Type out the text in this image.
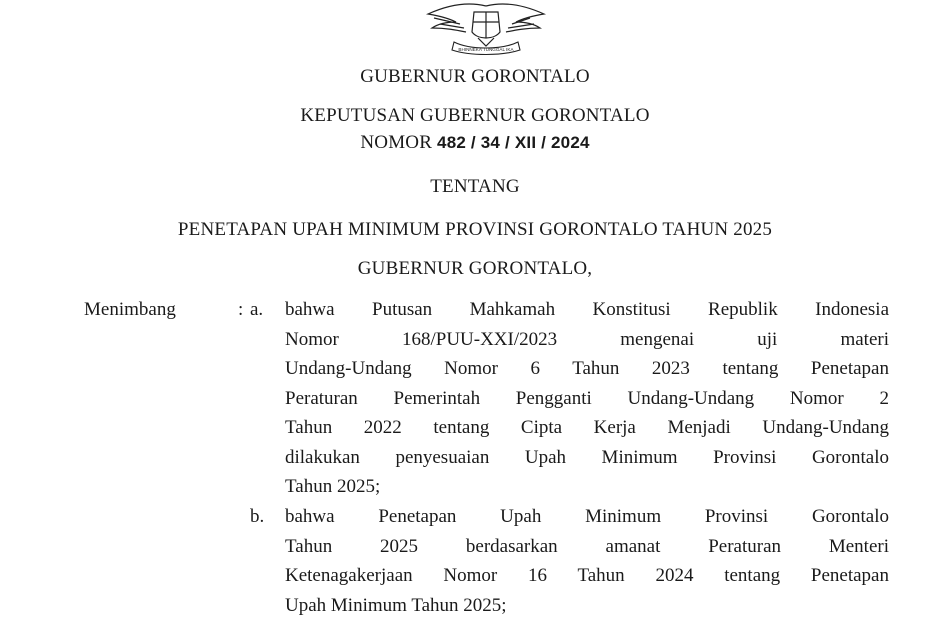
BHINNEKA TUNGGAL IKA
GUBERNUR GORONTALO
KEPUTUSAN GUBERNUR GORONTALO
NOMOR 482 / 34 / XII / 2024
TENTANG
PENETAPAN UPAH MINIMUM PROVINSI GORONTALO TAHUN 2025
GUBERNUR GORONTALO,
Menimbang	: a. bahwa Putusan Mahkamah Konstitusi Republik Indonesia
Nomor 168/PUU-XXI/2023 mengenai uji materi
Undang-Undang Nomor 6 Tahun 2023 tentang Penetapan
Peraturan Pemerintah Pengganti Undang-Undang Nomor 2
Tahun 2022 tentang Cipta Kerja Menjadi Undang-Undang
dilakukan penyesuaian Upah Minimum Provinsi Gorontalo
Tahun 2025;
b. bahwa Penetapan Upah Minimum Provinsi Gorontalo
Tahun 2025 berdasarkan amanat Peraturan Menteri
Ketenagakerjaan Nomor 16 Tahun 2024 tentang Penetapan
Upah Minimum Tahun 2025;
